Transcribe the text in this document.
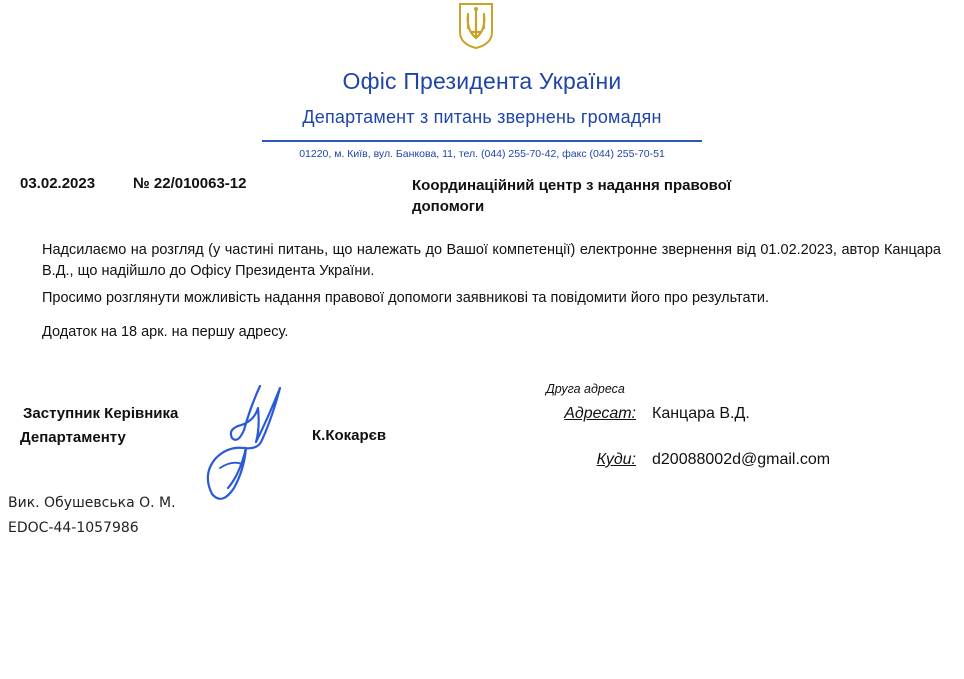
Офіс Президента України
Департамент з питань звернень громадян
01220, м. Київ, вул. Банкова, 11, тел. (044) 255-70-42, факс (044) 255-70-51
03.02.2023	№ 22/010063-12	Координаційний центр з надання правової допомоги
Надсилаємо на розгляд (у частині питань, що належать до Вашої компетенції) електронне звернення від 01.02.2023, автор Канцара В.Д., що надійшло до Офісу Президента України.
Просимо розглянути можливість надання правової допомоги заявникові та повідомити його про результати.
Додаток на 18 арк. на першу адресу.
Заступник Керівника
Департаменту	К.Кокарєв
Вик. Обушевська О. М.
EDOC-44-1057986
Друга адреса
Адресат: Канцара В.Д.
Куди: d20088002d@gmail.com
